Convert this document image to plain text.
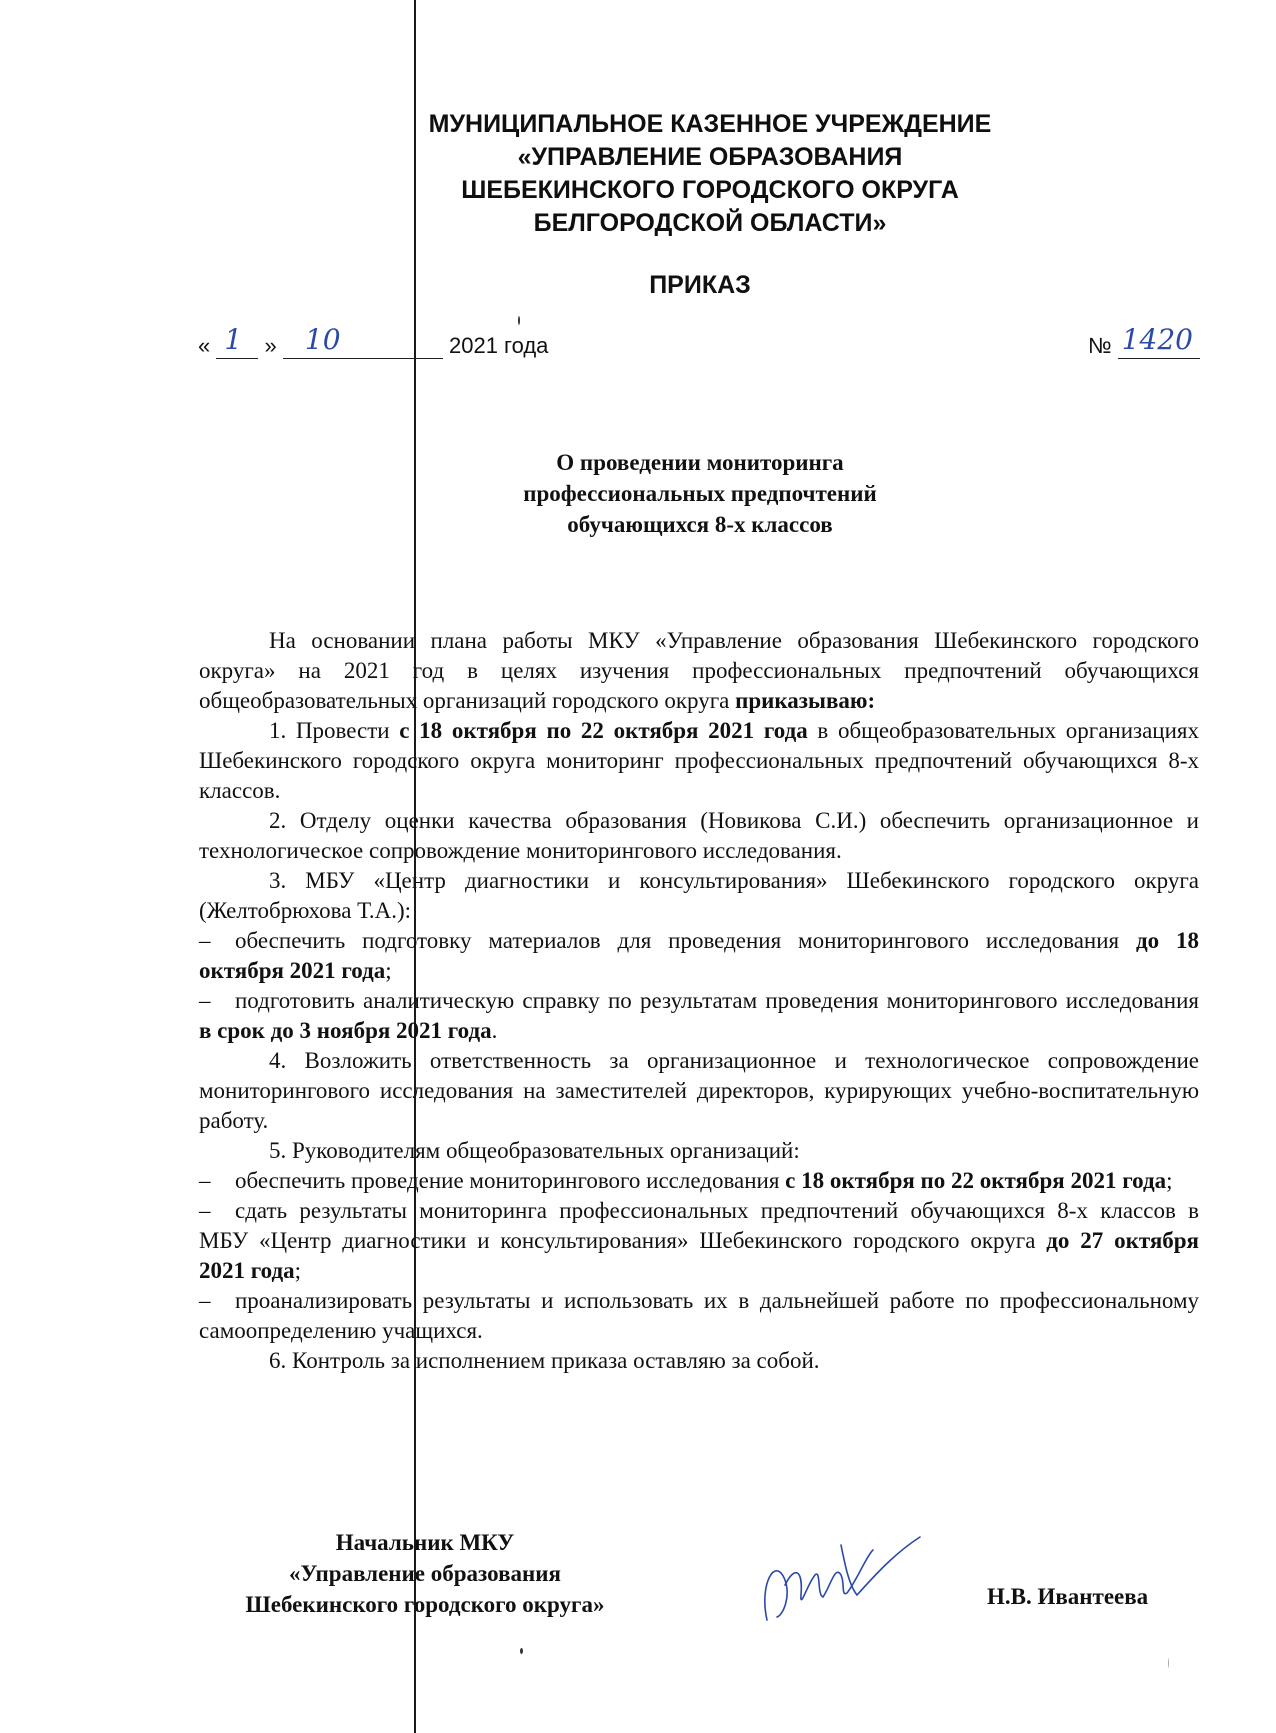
МУНИЦИПАЛЬНОЕ КАЗЕННОЕ УЧРЕЖДЕНИЕ
«УПРАВЛЕНИЕ ОБРАЗОВАНИЯ
ШЕБЕКИНСКОГО ГОРОДСКОГО ОКРУГА
БЕЛГОРОДСКОЙ ОБЛАСТИ»
ПРИКАЗ
« 1 » 10	2021 года	№ 1420
О проведении мониторинга
профессиональных предпочтений
обучающихся 8-х классов

На основании плана работы МКУ «Управление образования Шебекинского городского округа» на 2021 год в целях изучения профессиональных предпочтений обучающихся общеобразовательных организаций городского округа приказываю:

1. Провести с 18 октября по 22 октября 2021 года в общеобразовательных организациях Шебекинского городского округа мониторинг профессиональных предпочтений обучающихся 8-х классов.

2. Отделу оценки качества образования (Новикова С.И.) обеспечить организационное и технологическое сопровождение мониторингового исследования.

3. МБУ «Центр диагностики и консультирования» Шебекинского городского округа (Желтобрюхова Т.А.):

– обеспечить подготовку материалов для проведения мониторингового исследования до 18 октября 2021 года;

– подготовить аналитическую справку по результатам проведения мониторингового исследования в срок до 3 ноября 2021 года.

4. Возложить ответственность за организационное и технологическое сопровождение мониторингового исследования на заместителей директоров, курирующих учебно-воспитательную работу.

5. Руководителям общеобразовательных организаций:

– обеспечить проведение мониторингового исследования с 18 октября по 22 октября 2021 года;

– сдать результаты мониторинга профессиональных предпочтений обучающихся 8-х классов в МБУ «Центр диагностики и консультирования» Шебекинского городского округа до 27 октября 2021 года;

– проанализировать результаты и использовать их в дальнейшей работе по профессиональному самоопределению учащихся.

6. Контроль за исполнением приказа оставляю за собой.

Начальник МКУ
«Управление образования
Шебекинского городского округа»	Н.В. Ивантеева
